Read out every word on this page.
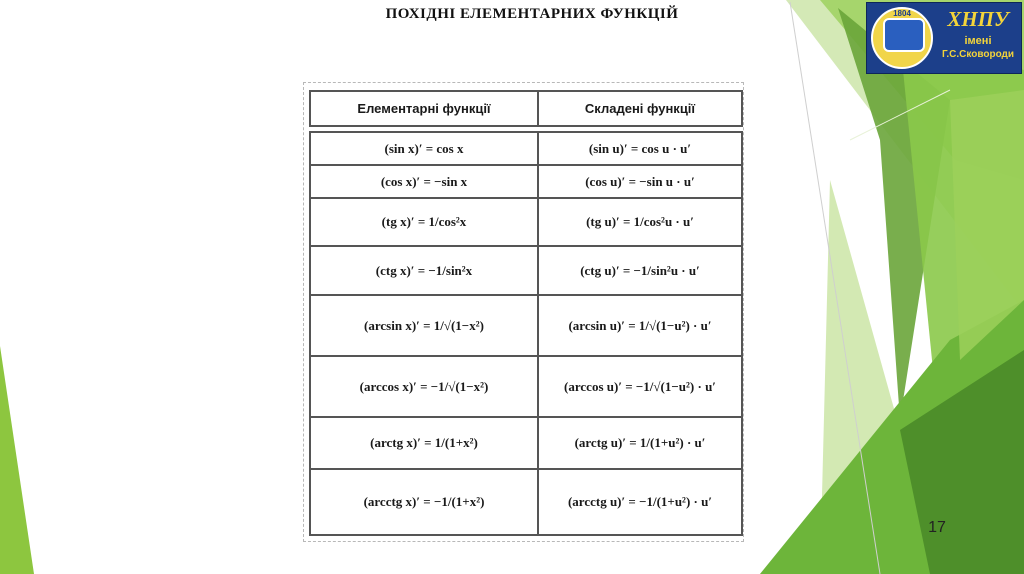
ПОХІДНІ ЕЛЕМЕНТАРНИХ ФУНКЦІЙ	1804	ХНПУ
імені
Г.С.Сковороди
Елементарні функції	Складені функції

(sin x)′ = cos x	(sin u)′ = cos u · u′
(cos x)′ = −sin x	(cos u)′ = −sin u · u′
(tg x)′ = 1/cos²x	(tg u)′ = 1/cos²u · u′
(ctg x)′ = −1/sin²x	(ctg u)′ = −1/sin²u · u′
(arcsin x)′ = 1/√(1−x²)	(arcsin u)′ = 1/√(1−u²) · u′
(arccos x)′ = −1/√(1−x²)	(arccos u)′ = −1/√(1−u²) · u′
(arctg x)′ = 1/(1+x²)	(arctg u)′ = 1/(1+u²) · u′
(arcctg x)′ = −1/(1+x²)	(arcctg u)′ = −1/(1+u²) · u′
17
